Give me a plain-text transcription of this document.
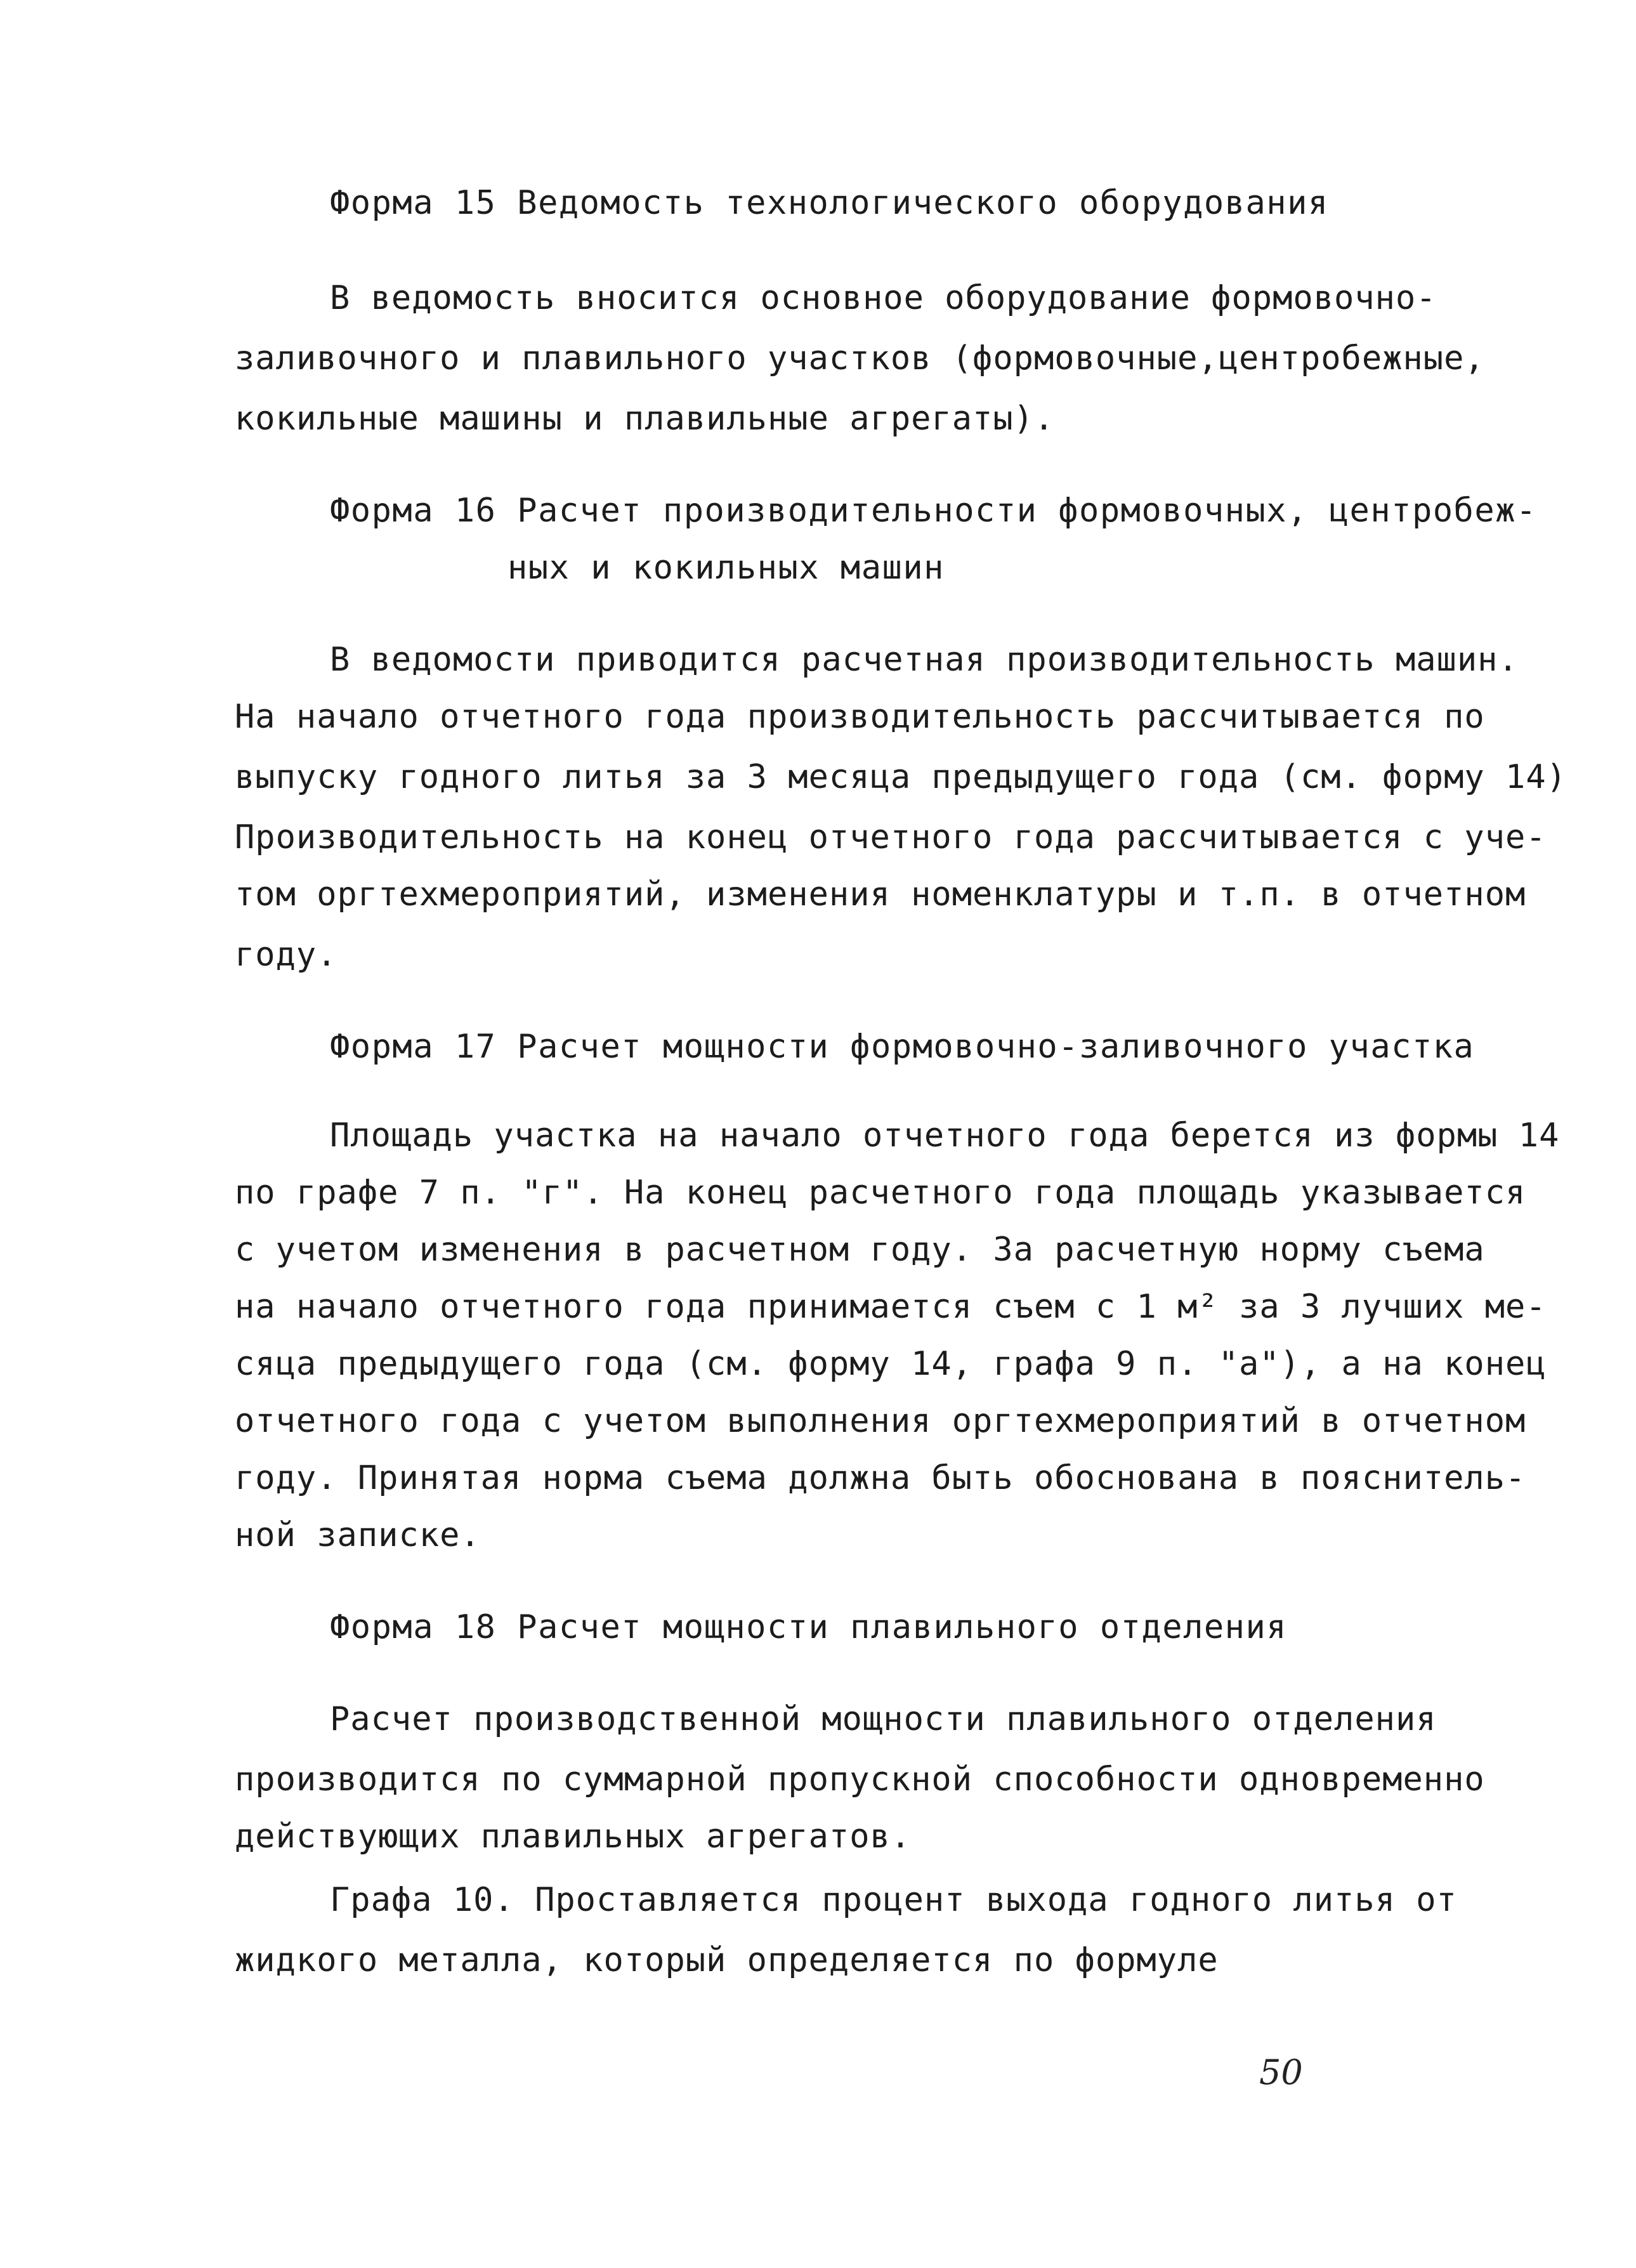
Форма 15 Ведомость технологического оборудования
В ведомость вносится основное оборудование формовочно-
заливочного и плавильного участков (формовочные,центробежные,
кокильные машины и плавильные агрегаты).
Форма 16 Расчет производительности формовочных, центробеж-
ных и кокильных машин
В ведомости приводится расчетная производительность машин.
На начало отчетного года производительность рассчитывается по
выпуску годного литья за 3 месяца предыдущего года (см. форму 14)
Производительность на конец отчетного года рассчитывается с уче-
том оргтехмероприятий, изменения номенклатуры и т.п. в отчетном
году.
Форма 17 Расчет мощности формовочно-заливочного участка
Площадь участка на начало отчетного года берется из формы 14
по графе 7 п. "г". На конец расчетного года площадь указывается
с учетом изменения в расчетном году. За расчетную норму съема
на начало отчетного года принимается съем с 1 м² за 3 лучших ме-
сяца предыдущего года (см. форму 14, графа 9 п. "а"), а на конец
отчетного года с учетом выполнения оргтехмероприятий в отчетном
году. Принятая норма съема должна быть обоснована в пояснитель-
ной записке.
Форма 18 Расчет мощности плавильного отделения
Расчет производственной мощности плавильного отделения
производится по суммарной пропускной способности одновременно
действующих плавильных агрегатов.
Графа 10. Проставляется процент выхода годного литья от
жидкого металла, который определяется по формуле
50
